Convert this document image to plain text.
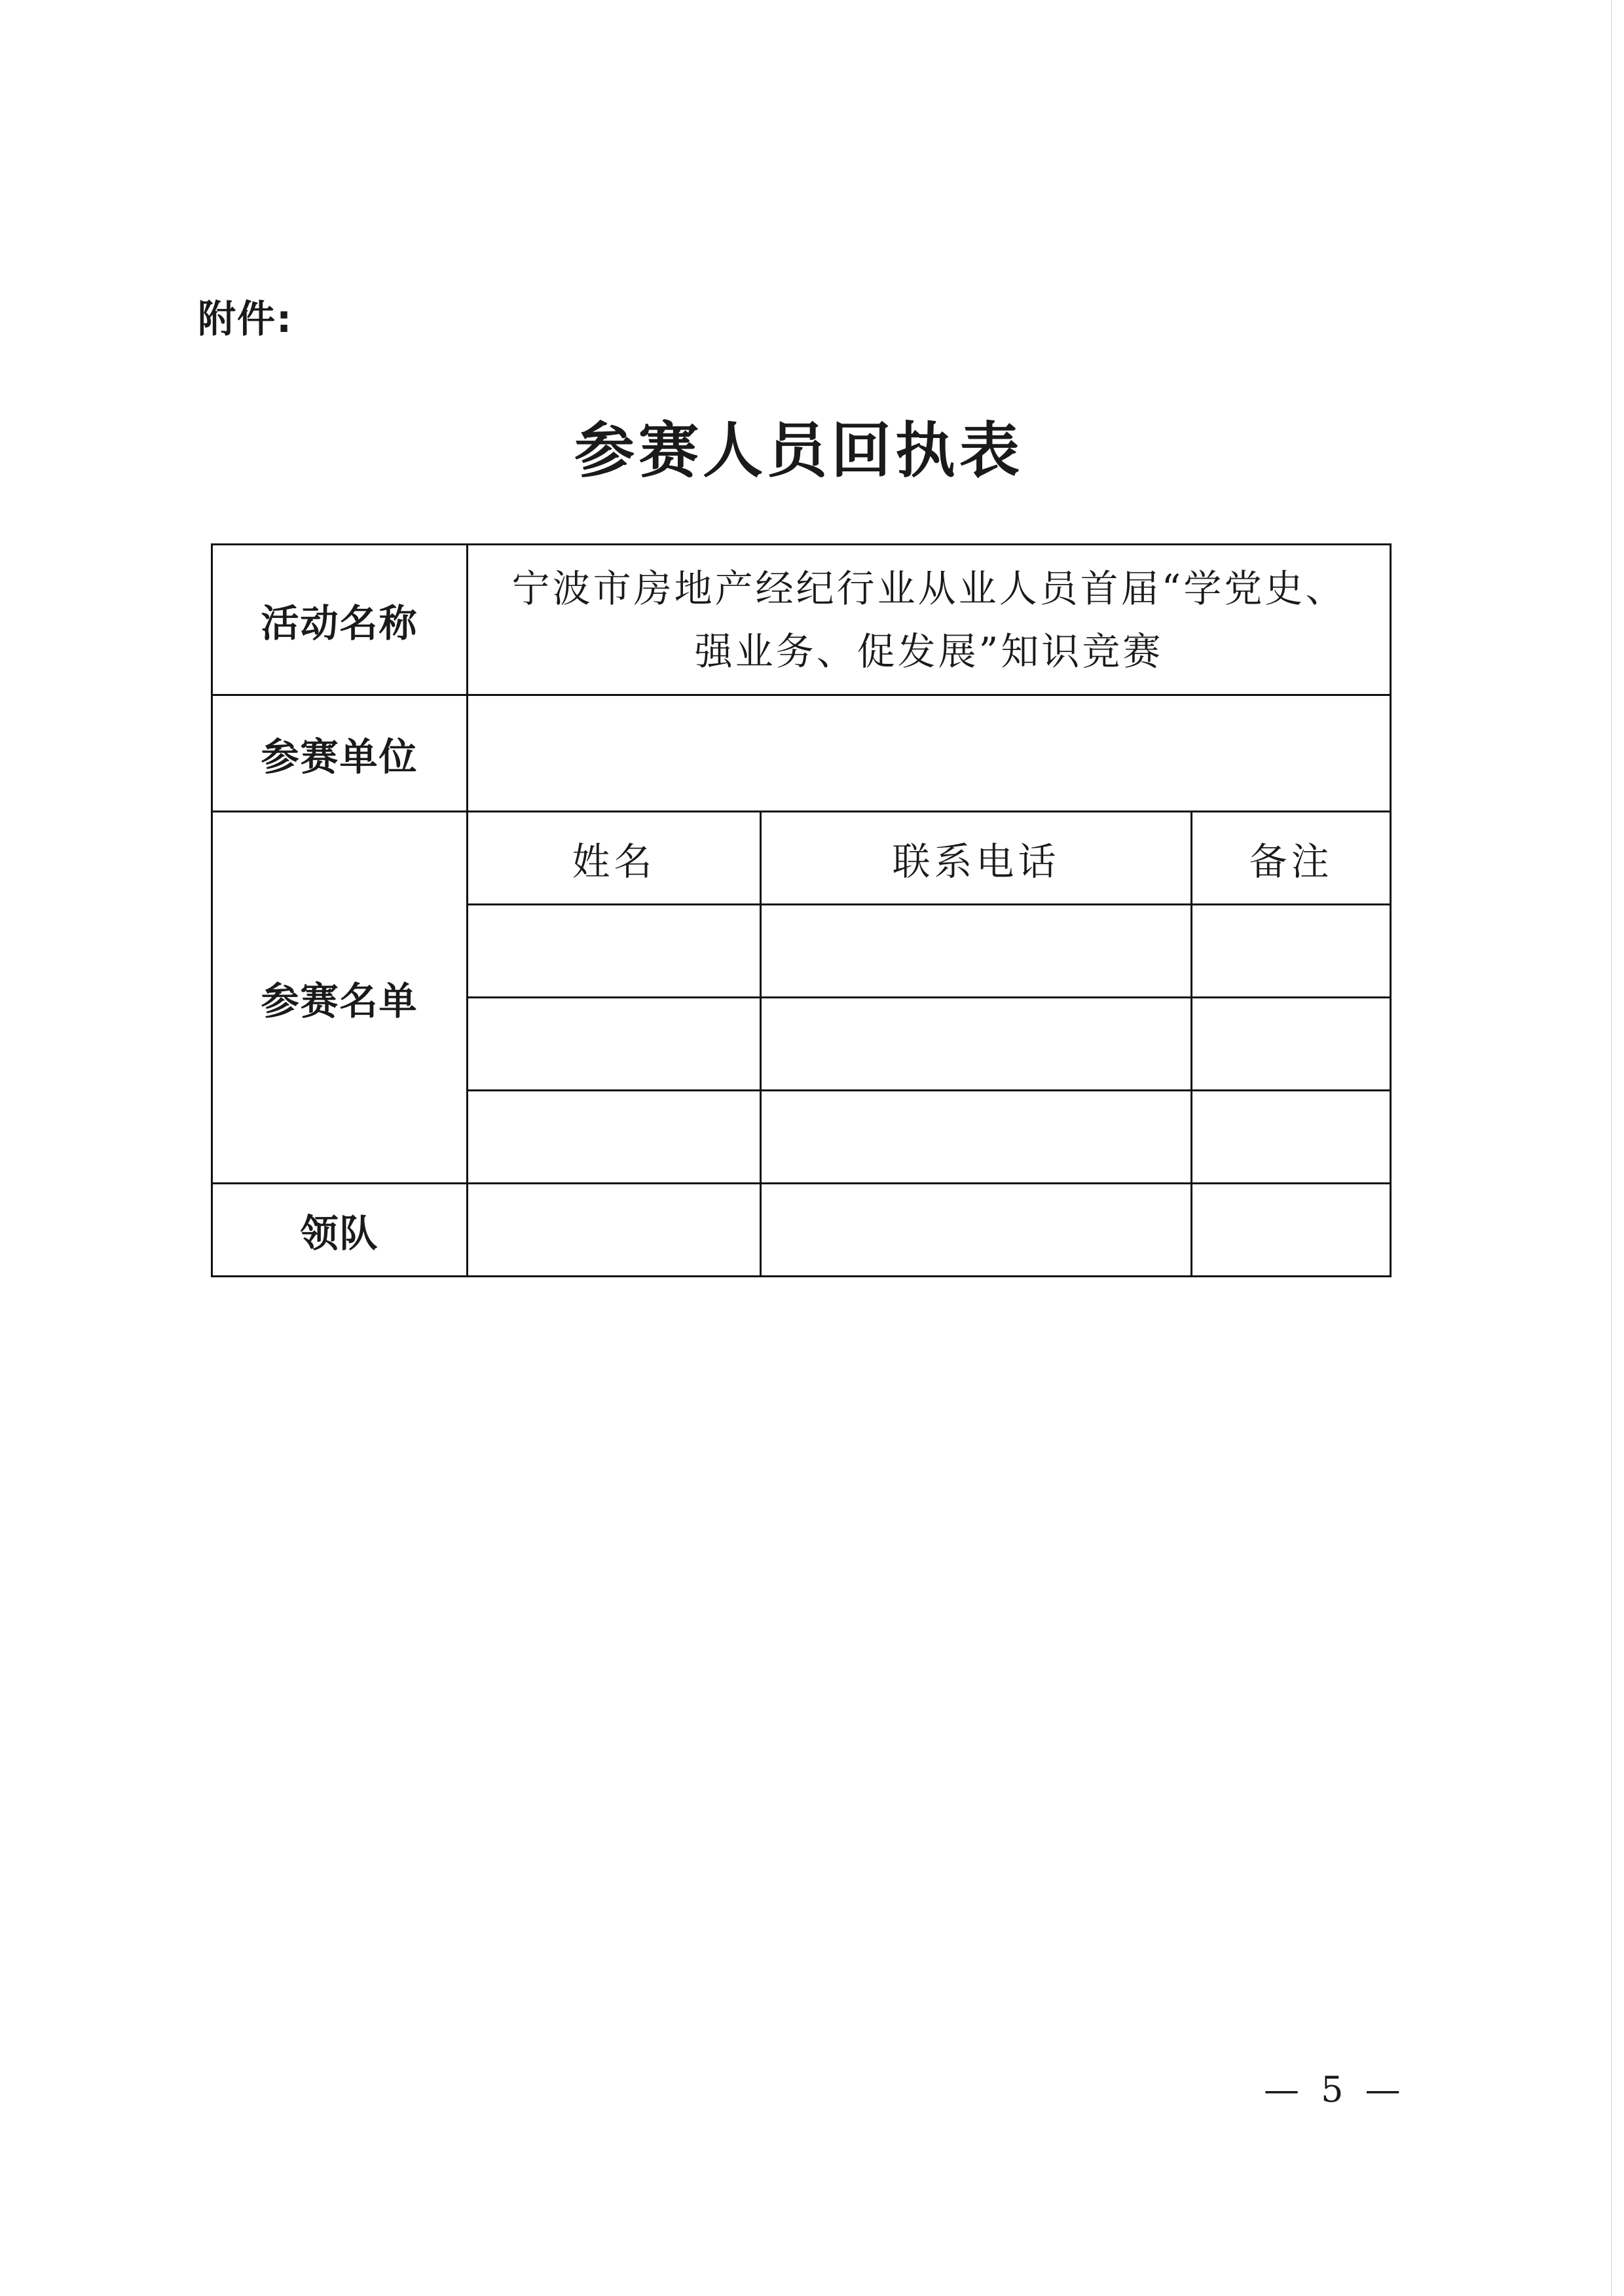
附件:
参赛人员回执表
活动名称	宁波市房地产经纪行业从业人员首届“学党史、
强业务、促发展”知识竞赛		

参赛单位			
参赛名单	姓名	联系电话	备注

领队			
— 5 —
